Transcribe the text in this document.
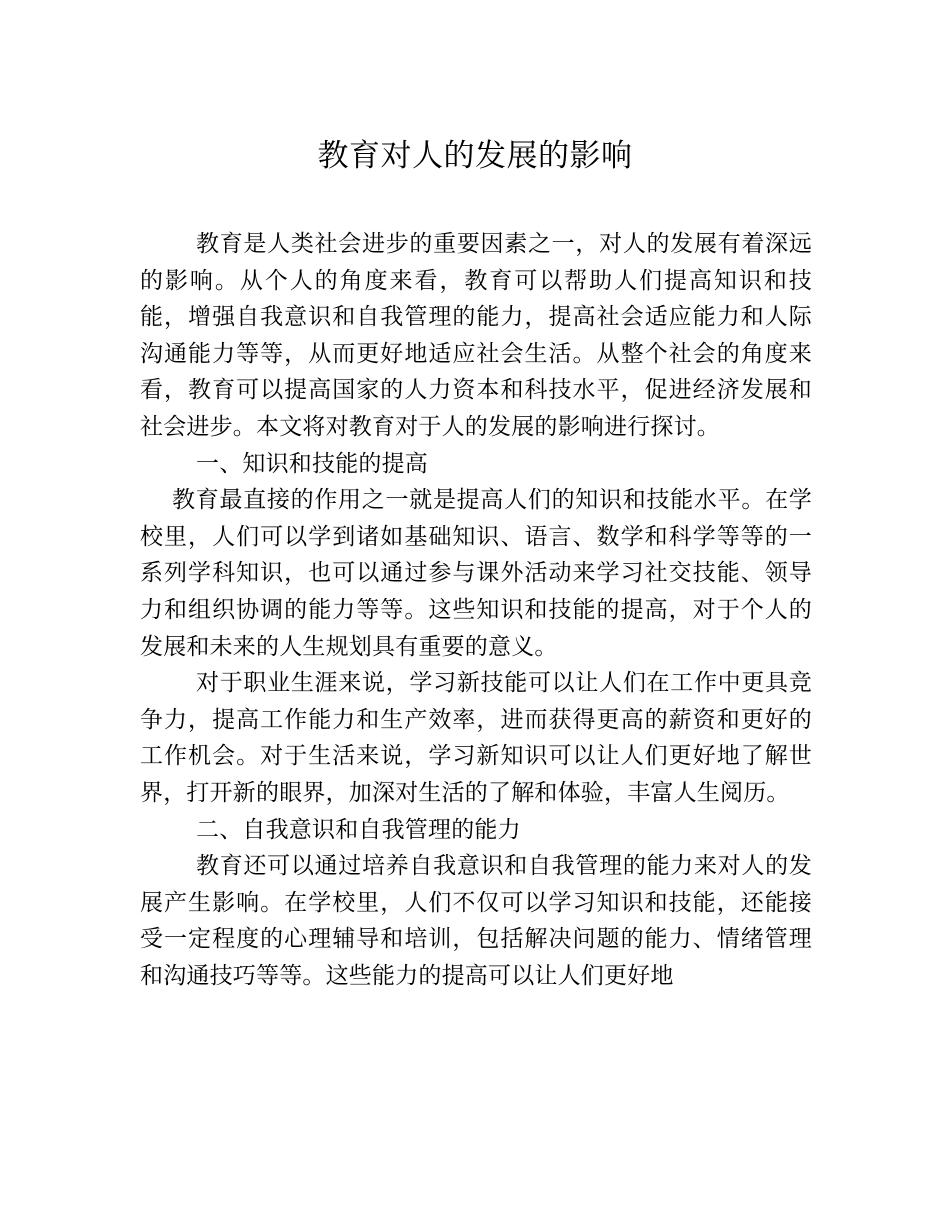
教育对人的发展的影响

教育是人类社会进步的重要因素之一，对人的发展有着深远的影响。从个人的角度来看，教育可以帮助人们提高知识和技能，增强自我意识和自我管理的能力，提高社会适应能力和人际沟通能力等等，从而更好地适应社会生活。从整个社会的角度来看，教育可以提高国家的人力资本和科技水平，促进经济发展和社会进步。本文将对教育对于人的发展的影响进行探讨。

一、知识和技能的提高

教育最直接的作用之一就是提高人们的知识和技能水平。在学校里，人们可以学到诸如基础知识、语言、数学和科学等等的一系列学科知识，也可以通过参与课外活动来学习社交技能、领导力和组织协调的能力等等。这些知识和技能的提高，对于个人的发展和未来的人生规划具有重要的意义。

对于职业生涯来说，学习新技能可以让人们在工作中更具竞争力，提高工作能力和生产效率，进而获得更高的薪资和更好的工作机会。对于生活来说，学习新知识可以让人们更好地了解世界，打开新的眼界，加深对生活的了解和体验，丰富人生阅历。

二、自我意识和自我管理的能力

教育还可以通过培养自我意识和自我管理的能力来对人的发展产生影响。在学校里，人们不仅可以学习知识和技能，还能接受一定程度的心理辅导和培训，包括解决问题的能力、情绪管理和沟通技巧等等。这些能力的提高可以让人们更好地
